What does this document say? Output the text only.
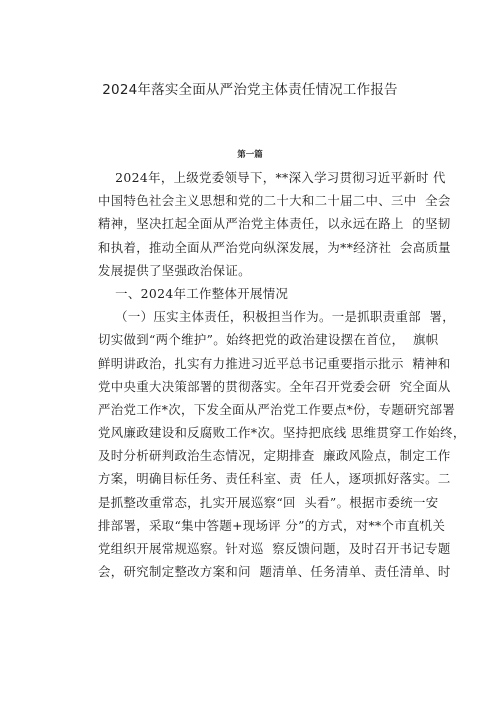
2024年落实全面从严治党主体责任情况工作报告
第一篇
2024年，上级党委领导下，**深入学习贯彻习近平新时 代
中国特色社会主义思想和党的二十大和二十届二中、三中  全会
精神，坚决扛起全面从严治党主体责任，以永远在路上  的坚韧
和执着，推动全面从严治党向纵深发展，为**经济社  会高质量
发展提供了坚强政治保证。
一、2024年工作整体开展情况
（一）压实主体责任，积极担当作为。一是抓职责重部  署，
切实做到“两个维护”。始终把党的政治建设摆在首位，  旗帜
鲜明讲政治，扎实有力推进习近平总书记重要指示批示  精神和
党中央重大决策部署的贯彻落实。全年召开党委会研  究全面从
严治党工作*次，下发全面从严治党工作要点*份，专题研究部署
党风廉政建设和反腐败工作*次。坚持把底线 思维贯穿工作始终，
及时分析研判政治生态情况，定期排查  廉政风险点，制定工作
方案，明确目标任务、责任科室、责  任人，逐项抓好落实。二
是抓整改重常态，扎实开展巡察“回  头看”。根据市委统一安
排部署，采取“集中答题+现场评 分”的方式，对**个市直机关
党组织开展常规巡察。针对巡  察反馈问题，及时召开书记专题
会，研究制定整改方案和问  题清单、任务清单、责任清单、时
